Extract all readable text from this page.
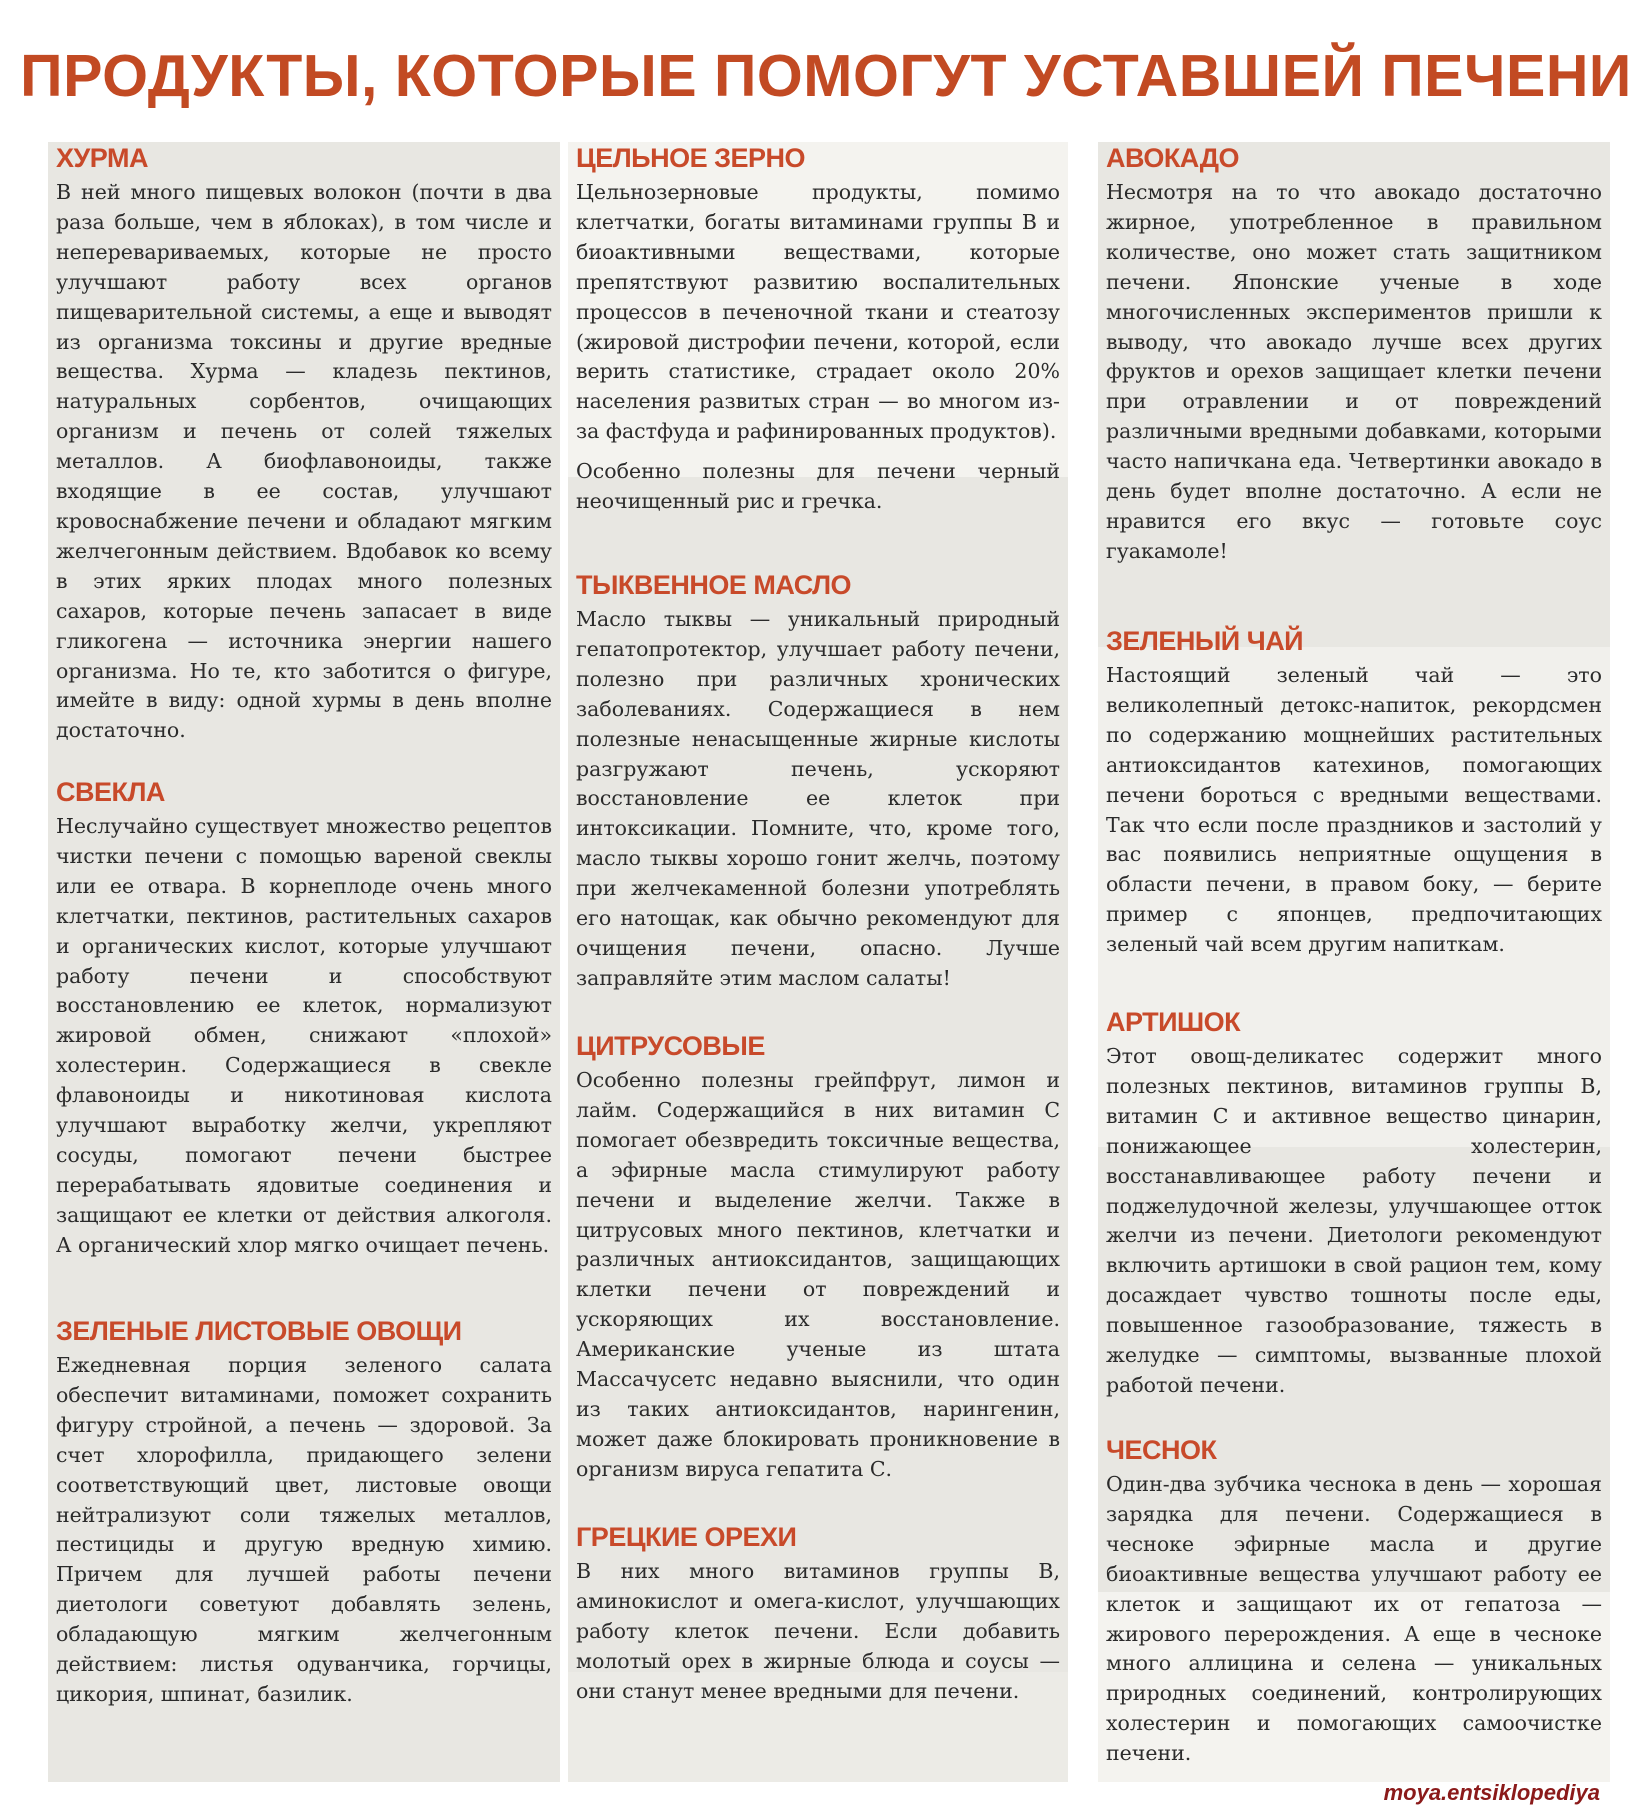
ПРОДУКТЫ, КОТОРЫЕ ПОМОГУТ УСТАВШЕЙ ПЕЧЕНИ
ХУРМА

В ней много пищевых волокон (почти в два раза больше, чем в яблоках), в том числе и неперевариваемых, которые не просто улучшают работу всех органов пищеварительной системы, а еще и выводят из организма токсины и другие вредные вещества. Хурма — кладезь пектинов, натуральных сорбентов, очищающих организм и печень от солей тяжелых металлов. А биофлавоноиды, также входящие в ее состав, улучшают кровоснабжение печени и обладают мягким желчегонным действием. Вдобавок ко всему в этих ярких плодах много полезных сахаров, которые печень запасает в виде гликогена — источника энергии нашего организма. Но те, кто заботится о фигуре, имейте в виду: одной хурмы в день вполне достаточно.

СВЕКЛА

Неслучайно существует множество рецептов чистки печени с помощью вареной свеклы или ее отвара. В корнеплоде очень много клетчатки, пектинов, растительных сахаров и органических кислот, которые улучшают работу печени и способствуют восстановлению ее клеток, нормализуют жировой обмен, снижают «плохой» холестерин. Содержащиеся в свекле флавоноиды и никотиновая кислота улучшают выработку желчи, укрепляют сосуды, помогают печени быстрее перерабатывать ядовитые соединения и защищают ее клетки от действия алкоголя. А органический хлор мягко очищает печень.

ЗЕЛЕНЫЕ ЛИСТОВЫЕ ОВОЩИ

Ежедневная порция зеленого салата обеспечит витаминами, поможет сохранить фигуру стройной, а печень — здоровой. За счет хлорофилла, придающего зелени соответствующий цвет, листовые овощи нейтрализуют соли тяжелых металлов, пестициды и другую вредную химию. Причем для лучшей работы печени диетологи советуют добавлять зелень, обладающую мягким желчегонным действием: листья одуванчика, горчицы, цикория, шпинат, базилик.

ЦЕЛЬНОЕ ЗЕРНО

Цельнозерновые продукты, помимо клетчатки, богаты витаминами группы В и биоактивными веществами, которые препятствуют развитию воспалительных процессов в печеночной ткани и стеатозу (жировой дистрофии печени, которой, если верить статистике, страдает около 20% населения развитых стран — во многом из-за фастфуда и рафинированных продуктов).

Особенно полезны для печени черный неочищенный рис и гречка.

ТЫКВЕННОЕ МАСЛО

Масло тыквы — уникальный природный гепатопротектор, улучшает работу печени, полезно при различных хронических заболеваниях. Содержащиеся в нем полезные ненасыщенные жирные кислоты разгружают печень, ускоряют восстановление ее клеток при интоксикации. Помните, что, кроме того, масло тыквы хорошо гонит желчь, поэтому при желчекаменной болезни употреблять его натощак, как обычно рекомендуют для очищения печени, опасно. Лучше заправляйте этим маслом салаты!

ЦИТРУСОВЫЕ

Особенно полезны грейпфрут, лимон и лайм. Содержащийся в них витамин С помогает обезвредить токсичные вещества, а эфирные масла стимулируют работу печени и выделение желчи. Также в цитрусовых много пектинов, клетчатки и различных антиоксидантов, защищающих клетки печени от повреждений и ускоряющих их восстановление. Американские ученые из штата Массачусетс недавно выяснили, что один из таких антиоксидантов, нарингенин, может даже блокировать проникновение в организм вируса гепатита С.

ГРЕЦКИЕ ОРЕХИ

В них много витаминов группы В, аминокислот и омега-кислот, улучшающих работу клеток печени. Если добавить молотый орех в жирные блюда и соусы — они станут менее вредными для печени.

АВОКАДО

Несмотря на то что авокадо достаточно жирное, употребленное в правильном количестве, оно может стать защитником печени. Японские ученые в ходе многочисленных экспериментов пришли к выводу, что авокадо лучше всех других фруктов и орехов защищает клетки печени при отравлении и от повреждений различными вредными добавками, которыми часто напичкана еда. Четвертинки авокадо в день будет вполне достаточно. А если не нравится его вкус — готовьте соус гуакамоле!

ЗЕЛЕНЫЙ ЧАЙ

Настоящий зеленый чай — это великолепный детокс-напиток, рекордсмен по содержанию мощнейших растительных антиоксидантов катехинов, помогающих печени бороться с вредными веществами. Так что если после праздников и застолий у вас появились неприятные ощущения в области печени, в правом боку, — берите пример с японцев, предпочитающих зеленый чай всем другим напиткам.

АРТИШОК

Этот овощ-деликатес содержит много полезных пектинов, витаминов группы В, витамин С и активное вещество цинарин, понижающее холестерин, восстанавливающее работу печени и поджелудочной железы, улучшающее отток желчи из печени. Диетологи рекомендуют включить артишоки в свой рацион тем, кому досаждает чувство тошноты после еды, повышенное газообразование, тяжесть в желудке — симптомы, вызванные плохой работой печени.

ЧЕСНОК

Один-два зубчика чеснока в день — хорошая зарядка для печени. Содержащиеся в чесноке эфирные масла и другие биоактивные вещества улучшают работу ее клеток и защищают их от гепатоза — жирового перерождения. А еще в чесноке много аллицина и селена — уникальных природных соединений, контролирующих холестерин и помогающих самоочистке печени.

moya.entsiklopediya
